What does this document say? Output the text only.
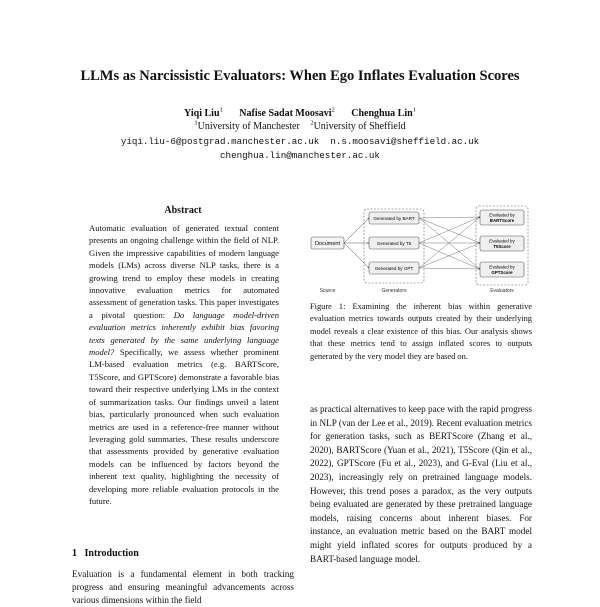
LLMs as Narcissistic Evaluators: When Ego Inflates Evaluation Scores
Yiqi Liu$^1$ Nafise Sadat Moosavi$^2$ Chenghua Lin$^1$
$^1$University of Manchester $^2$University of Sheffield
yiqi.liu-6@postgrad.manchester.ac.uk  n.s.moosavi@sheffield.ac.uk
chenghua.lin@manchester.ac.uk
Abstract
Automatic evaluation of generated textual content presents an ongoing challenge within the field of NLP. Given the impressive capabilities of modern language models (LMs) across diverse NLP tasks, there is a growing trend to employ these models in creating innovative evaluation metrics for automated assessment of generation tasks. This paper investigates a pivotal question: Do language model-driven evaluation metrics inherently exhibit bias favoring texts generated by the same underlying language model? Specifically, we assess whether prominent LM-based evaluation metrics (e.g. BARTScore, T5Score, and GPTScore) demonstrate a favorable bias toward their respective underlying LMs in the context of summarization tasks. Our findings unveil a latent bias, particularly pronounced when such evaluation metrics are used in a reference-free manner without leveraging gold summaries. These results underscore that assessments provided by generative evaluation models can be influenced by factors beyond the inherent text quality, highlighting the necessity of developing more reliable evaluation protocols in the future.
1 Introduction
Evaluation is a fundamental element in both tracking progress and ensuring meaningful advancements across various dimensions within the field
Document
Generated by BART
Generated by T5
Generated by GPT
Evaluated by
BARTScore
Evaluated by
T5Score
Evaluated by
GPTScore
Source	Generators	Evaluators
Figure 1: Examining the inherent bias within generative evaluation metrics towards outputs created by their underlying model reveals a clear existence of this bias. Our analysis shows that these metrics tend to assign inflated scores to outputs generated by the very model they are based on.
as practical alternatives to keep pace with the rapid progress in NLP (van der Lee et al., 2019). Recent evaluation metrics for generation tasks, such as BERTScore (Zhang et al., 2020), BARTScore (Yuan et al., 2021), T5Score (Qin et al., 2022), GPTScore (Fu et al., 2023), and G-Eval (Liu et al., 2023), increasingly rely on pretrained language models. However, this trend poses a paradox, as the very outputs being evaluated are generated by these pretrained language models, raising concerns about inherent biases. For instance, an evaluation metric based on the BART model might yield inflated scores for outputs produced by a BART-based language model.
